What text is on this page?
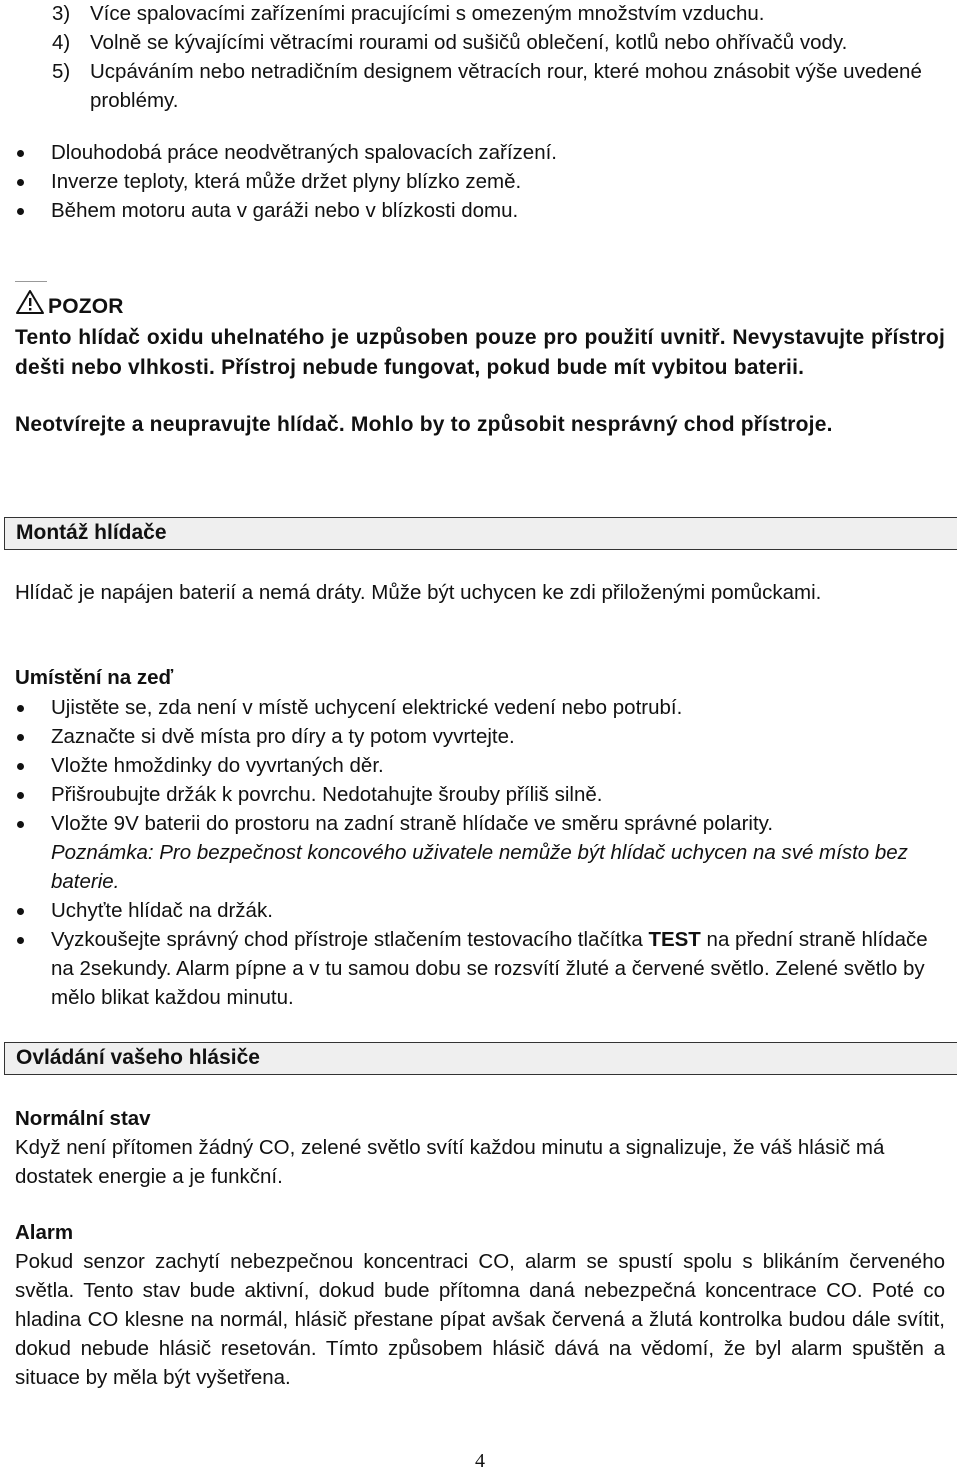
3) Více spalovacími zařízeními pracujícími s omezeným množstvím vzduchu.
4) Volně se kývajícími větracími rourami od sušičů oblečení, kotlů nebo ohřívačů vody.
5) Ucpáváním nebo netradičním designem větracích rour, které mohou znásobit výše uvedené problémy.
Dlouhodobá práce neodvětraných spalovacích zařízení.
Inverze teploty, která může držet plyny blízko země.
Během motoru auta v garáži nebo v blízkosti domu.
POZOR

Tento hlídač oxidu uhelnatého je uzpůsoben pouze pro použití uvnitř. Nevystavujte přístroj dešti nebo vlhkosti. Přístroj nebude fungovat, pokud bude mít vybitou baterii.

Neotvírejte a neupravujte hlídač. Mohlo by to způsobit nesprávný chod přístroje.

Montáž hlídače

Hlídač je napájen baterií a nemá dráty. Může být uchycen ke zdi přiloženými pomůckami.

Umístění na zeď

Ujistěte se, zda není v místě uchycení elektrické vedení nebo potrubí.
Zaznačte si dvě místa pro díry a ty potom vyvrtejte.
Vložte hmoždinky do vyvrtaných děr.
Přišroubujte držák k povrchu. Nedotahujte šrouby příliš silně.
Vložte 9V baterii do prostoru na zadní straně hlídače ve směru správné polarity.
Poznámka: Pro bezpečnost koncového uživatele nemůže být hlídač uchycen na své místo bez baterie.
Uchyťte hlídač na držák.
Vyzkoušejte správný chod přístroje stlačením testovacího tlačítka TEST na přední straně hlídače na 2sekundy. Alarm pípne a v tu samou dobu se rozsvítí žluté a červené světlo. Zelené světlo by mělo blikat každou minutu.
Ovládání vašeho hlásiče

Normální stav

Když není přítomen žádný CO, zelené světlo svítí každou minutu a signalizuje, že váš hlásič má dostatek energie a je funkční.

Alarm

Pokud senzor zachytí nebezpečnou koncentraci CO, alarm se spustí spolu s blikáním červeného světla. Tento stav bude aktivní, dokud bude přítomna daná nebezpečná koncentrace CO. Poté co hladina CO klesne na normál, hlásič přestane pípat avšak červená a žlutá kontrolka budou dále svítit, dokud nebude hlásič resetován. Tímto způsobem hlásič dává na vědomí, že byl alarm spuštěn a situace by měla být vyšetřena.

4
